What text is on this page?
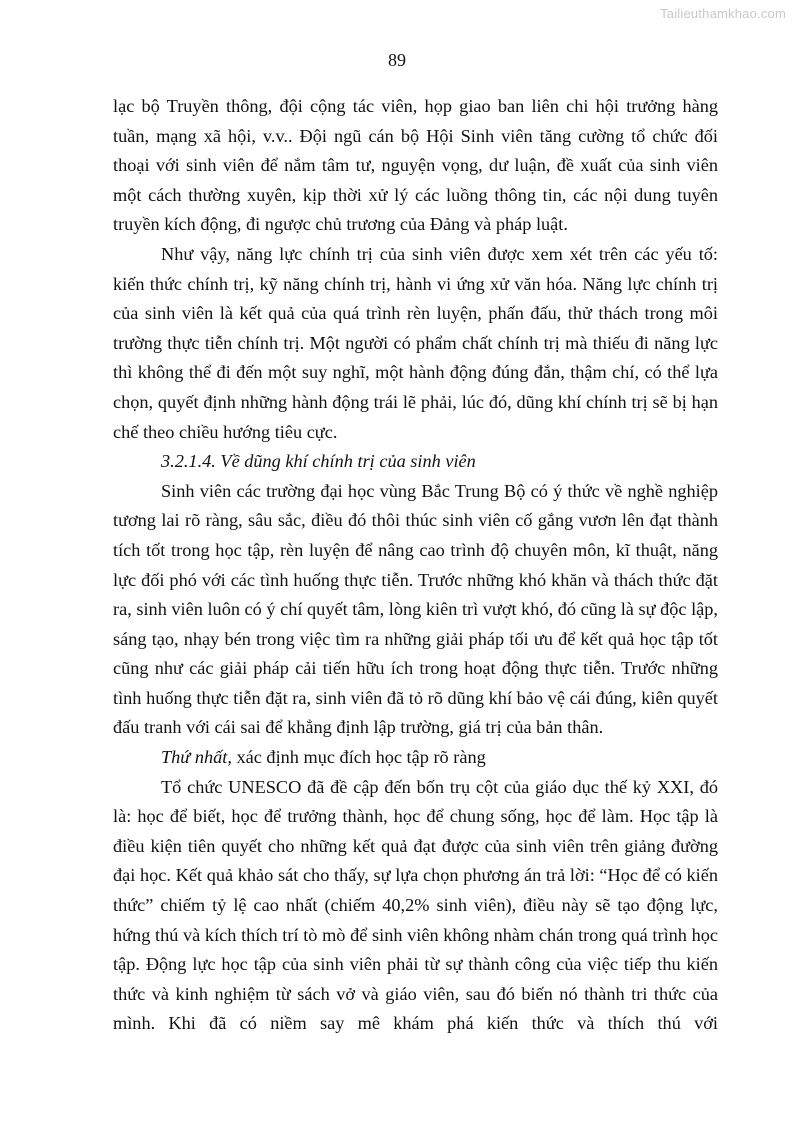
Tailieuthamkhao.com
89

lạc bộ Truyền thông, đội cộng tác viên, họp giao ban liên chi hội trưởng hàng tuần, mạng xã hội, v.v.. Đội ngũ cán bộ Hội Sinh viên tăng cường tổ chức đối thoại với sinh viên để nắm tâm tư, nguyện vọng, dư luận, đề xuất của sinh viên một cách thường xuyên, kịp thời xử lý các luồng thông tin, các nội dung tuyên truyền kích động, đi ngược chủ trương của Đảng và pháp luật.

Như vậy, năng lực chính trị của sinh viên được xem xét trên các yếu tố: kiến thức chính trị, kỹ năng chính trị, hành vi ứng xử văn hóa. Năng lực chính trị của sinh viên là kết quả của quá trình rèn luyện, phấn đấu, thử thách trong môi trường thực tiễn chính trị. Một người có phẩm chất chính trị mà thiếu đi năng lực thì không thể đi đến một suy nghĩ, một hành động đúng đắn, thậm chí, có thể lựa chọn, quyết định những hành động trái lẽ phải, lúc đó, dũng khí chính trị sẽ bị hạn chế theo chiều hướng tiêu cực.

3.2.1.4. Về dũng khí chính trị của sinh viên

Sinh viên các trường đại học vùng Bắc Trung Bộ có ý thức về nghề nghiệp tương lai rõ ràng, sâu sắc, điều đó thôi thúc sinh viên cố gắng vươn lên đạt thành tích tốt trong học tập, rèn luyện để nâng cao trình độ chuyên môn, kĩ thuật, năng lực đối phó với các tình huống thực tiễn. Trước những khó khăn và thách thức đặt ra, sinh viên luôn có ý chí quyết tâm, lòng kiên trì vượt khó, đó cũng là sự độc lập, sáng tạo, nhạy bén trong việc tìm ra những giải pháp tối ưu để kết quả học tập tốt cũng như các giải pháp cải tiến hữu ích trong hoạt động thực tiễn. Trước những tình huống thực tiễn đặt ra, sinh viên đã tỏ rõ dũng khí bảo vệ cái đúng, kiên quyết đấu tranh với cái sai để khẳng định lập trường, giá trị của bản thân.

Thứ nhất, xác định mục đích học tập rõ ràng

Tổ chức UNESCO đã đề cập đến bốn trụ cột của giáo dục thế kỷ XXI, đó là: học để biết, học để trưởng thành, học để chung sống, học để làm. Học tập là điều kiện tiên quyết cho những kết quả đạt được của sinh viên trên giảng đường đại học. Kết quả khảo sát cho thấy, sự lựa chọn phương án trả lời: “Học để có kiến thức” chiếm tỷ lệ cao nhất (chiếm 40,2% sinh viên), điều này sẽ tạo động lực, hứng thú và kích thích trí tò mò để sinh viên không nhàm chán trong quá trình học tập. Động lực học tập của sinh viên phải từ sự thành công của việc tiếp thu kiến thức và kinh nghiệm từ sách vở và giáo viên, sau đó biến nó thành tri thức của mình. Khi đã có niềm say mê khám phá kiến thức và thích thú với
